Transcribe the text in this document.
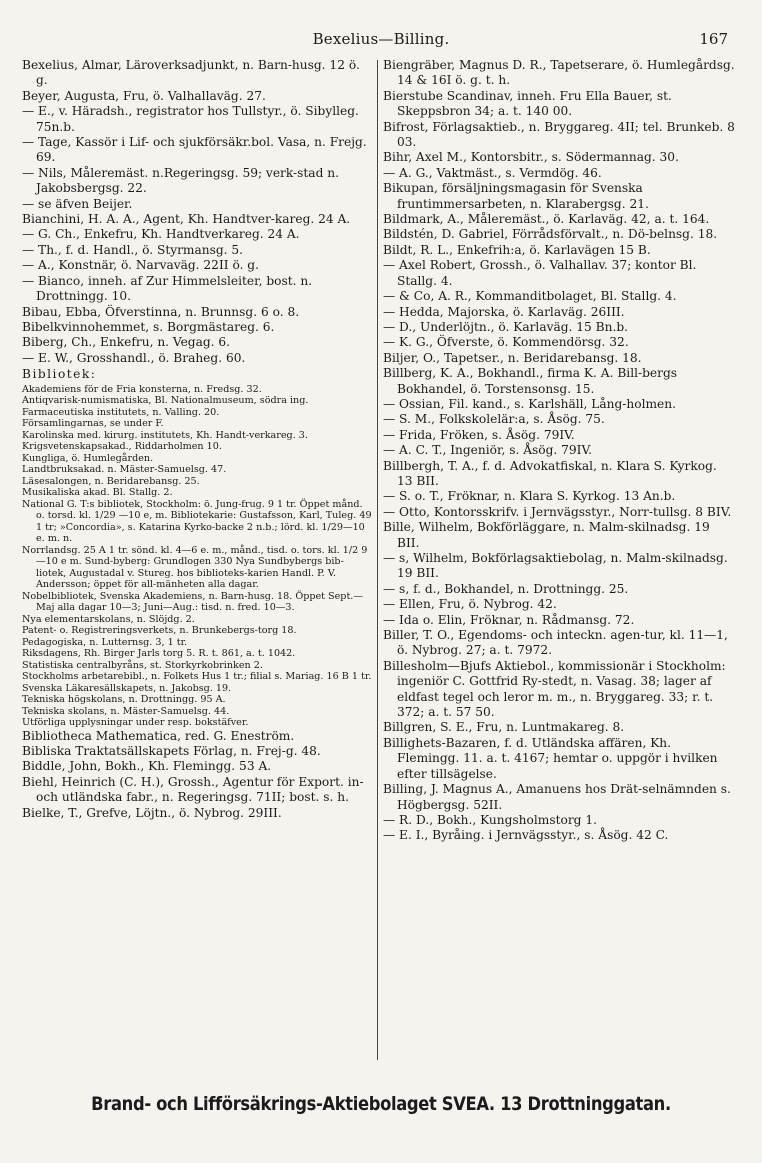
Bexelius—Billing.	167

Bexelius, Almar, Läroverksadjunkt, n. Barn-husg. 12 ö. g.

Beyer, Augusta, Fru, ö. Valhallaväg. 27.

— E., v. Häradsh., registrator hos Tullstyr., ö. Sibylleg. 75n.b.

— Tage, Kassör i Lif- och sjukförsäkr.bol. Vasa, n. Frejg. 69.

— Nils, Måleremäst. n.Regeringsg. 59; verk-stad n. Jakobsbergsg. 22.

— se äfven Beijer.

Bianchini, H. A. A., Agent, Kh. Handtver-kareg. 24 A.

— G. Ch., Enkefru, Kh. Handtverkareg. 24 A.

— Th., f. d. Handl., ö. Styrmansg. 5.

— A., Konstnär, ö. Narvaväg. 22II ö. g.

— Bianco, inneh. af Zur Himmelsleiter, bost. n. Drottningg. 10.

Bibau, Ebba, Öfverstinna, n. Brunnsg. 6 o. 8.

Bibelkvinnohemmet, s. Borgmästareg. 6.

Biberg, Ch., Enkefru, n. Vegag. 6.

— E. W., Grosshandl., ö. Braheg. 60.

Bibliotek:

Akademiens för de Fria konsterna, n. Fredsg. 32.

Antiqvarisk-numismatiska, Bl. Nationalmuseum, södra ing.

Farmaceutiska institutets, n. Valling. 20.

Församlingarnas, se under F.

Karolinska med. kirurg. institutets, Kh. Handt-verkareg. 3.

Krigsvetenskapsakad., Riddarholmen 10.

Kungliga, ö. Humlegården.

Landtbruksakad. n. Mäster-Samuelsg. 47.

Läsesalongen, n. Beridarebansg. 25.

Musikaliska akad. Bl. Stallg. 2.

National G. T:s bibliotek, Stockholm: ö. Jung-frug. 9 1 tr. Öppet månd. o. torsd. kl. 1/29 —10 e, m. Bibliotekarie: Gustafsson, Karl, Tuleg. 49 1 tr; »Concordia», s. Katarina Kyrko-backe 2 n.b.; lörd. kl. 1/29—10 e. m. n.

Norrlandsg. 25 A 1 tr. sönd. kl. 4—6 e. m., månd., tisd. o. tors. kl. 1/2 9—10 e m. Sund-byberg: Grundlogen 330 Nya Sundbybergs bib-liotek, Augustadal v. Stureg. hos biblioteks-karien Handl. P. V. Andersson; öppet för all-mänheten alla dagar.

Nobelbibliotek, Svenska Akademiens, n. Barn-husg. 18. Öppet Sept.—Maj alla dagar 10—3; Juni—Aug.: tisd. n. fred. 10—3.

Nya elementarskolans, n. Slöjdg. 2.

Patent- o. Registreringsverkets, n. Brunkebergs-torg 18.

Pedagogiska, n. Lutternsg. 3, 1 tr.

Riksdagens, Rh. Birger Jarls torg 5. R. t. 861, a. t. 1042.

Statistiska centralbyråns, st. Storkyrkobrinken 2.

Stockholms arbetarebibl., n. Folkets Hus 1 tr.; filial s. Mariag. 16 B 1 tr.

Svenska Läkaresällskapets, n. Jakobsg. 19.

Tekniska högskolans, n. Drottningg. 95 A.

Tekniska skolans, n. Mäster-Samuelsg. 44.

Utförliga upplysningar under resp. bokstäfver.

Bibliotheca Mathematica, red. G. Eneström.

Bibliska Traktatsällskapets Förlag, n. Frej-g. 48.

Biddle, John, Bokh., Kh. Flemingg. 53 A.

Biehl, Heinrich (C. H.), Grossh., Agentur för Export. in- och utländska fabr., n. Regeringsg. 71II; bost. s. h.

Bielke, T., Grefve, Löjtn., ö. Nybrog. 29III.

Biengräber, Magnus D. R., Tapetserare, ö. Humlegårdsg. 14 & 16I ö. g. t. h.

Bierstube Scandinav, inneh. Fru Ella Bauer, st. Skeppsbron 34; a. t. 140 00.

Bifrost, Förlagsaktieb., n. Bryggareg. 4II; tel. Brunkeb. 8 03.

Bihr, Axel M., Kontorsbitr., s. Södermannag. 30.

— A. G., Vaktmäst., s. Vermdög. 46.

Bikupan, försäljningsmagasin för Svenska fruntimmersarbeten, n. Klarabergsg. 21.

Bildmark, A., Måleremäst., ö. Karlaväg. 42, a. t. 164.

Bildstén, D. Gabriel, Förrådsförvalt., n. Dö-belnsg. 18.

Bildt, R. L., Enkefrih:a, ö. Karlavägen 15 B.

— Axel Robert, Grossh., ö. Valhallav. 37; kontor Bl. Stallg. 4.

— & Co, A. R., Kommanditbolaget, Bl. Stallg. 4.

— Hedda, Majorska, ö. Karlaväg. 26III.

— D., Underlöjtn., ö. Karlaväg. 15 Bn.b.

— K. G., Öfverste, ö. Kommendörsg. 32.

Biljer, O., Tapetser., n. Beridarebansg. 18.

Billberg, K. A., Bokhandl., firma K. A. Bill-bergs Bokhandel, ö. Torstensonsg. 15.

— Ossian, Fil. kand., s. Karlshäll, Lång-holmen.

— S. M., Folkskolelär:a, s. Åsög. 75.

— Frida, Fröken, s. Åsög. 79IV.

— A. C. T., Ingeniör, s. Åsög. 79IV.

Billbergh, T. A., f. d. Advokatfiskal, n. Klara S. Kyrkog. 13 BII.

— S. o. T., Fröknar, n. Klara S. Kyrkog. 13 An.b.

— Otto, Kontorsskrifv. i Jernvägsstyr., Norr-tullsg. 8 BIV.

Bille, Wilhelm, Bokförläggare, n. Malm-skilnadsg. 19 BII.

— s, Wilhelm, Bokförlagsaktiebolag, n. Malm-skilnadsg. 19 BII.

— s, f. d., Bokhandel, n. Drottningg. 25.

— Ellen, Fru, ö. Nybrog. 42.

— Ida o. Elin, Fröknar, n. Rådmansg. 72.

Biller, T. O., Egendoms- och inteckn. agen-tur, kl. 11—1, ö. Nybrog. 27; a. t. 7972.

Billesholm—Bjufs Aktiebol., kommissionär i Stockholm: ingeniör C. Gottfrid Ry-stedt, n. Vasag. 38; lager af eldfast tegel och leror m. m., n. Bryggareg. 33; r. t. 372; a. t. 57 50.

Billgren, S. E., Fru, n. Luntmakareg. 8.

Billighets-Bazaren, f. d. Utländska affären, Kh. Flemingg. 11. a. t. 4167; hemtar o. uppgör i hvilken efter tillsägelse.

Billing, J. Magnus A., Amanuens hos Drät-selnämnden s. Högbergsg. 52II.

— R. D., Bokh., Kungsholmstorg 1.

— E. I., Byråing. i Jernvägsstyr., s. Åsög. 42 C.

Brand- och Lifförsäkrings-Aktiebolaget SVEA. 13 Drottninggatan.
